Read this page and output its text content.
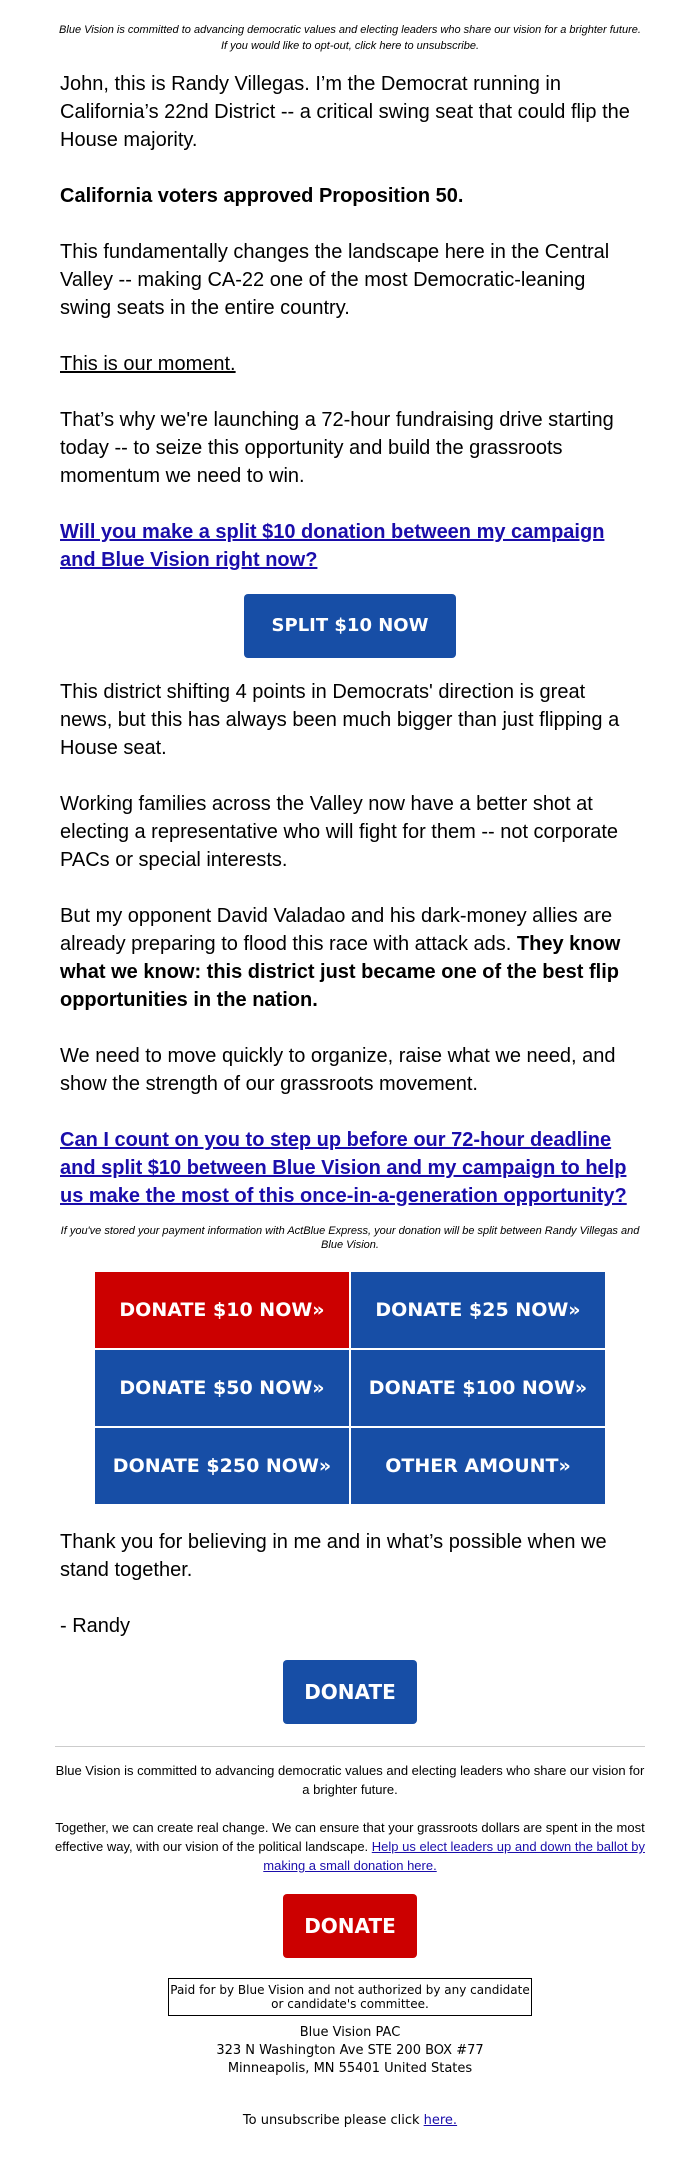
Blue Vision is committed to advancing democratic values and electing leaders who share our vision for a brighter future. If you would like to opt-out, click here to unsubscribe.

John, this is Randy Villegas. I’m the Democrat running in California’s 22nd District -- a critical swing seat that could flip the House majority.

California voters approved Proposition 50.

This fundamentally changes the landscape here in the Central Valley -- making CA-22 one of the most Democratic-leaning swing seats in the entire country.

This is our moment.

That’s why we're launching a 72-hour fundraising drive starting today -- to seize this opportunity and build the grassroots momentum we need to win.

Will you make a split $10 donation between my campaign and Blue Vision right now?

SPLIT $10 NOW

This district shifting 4 points in Democrats' direction is great news, but this has always been much bigger than just flipping a House seat.

Working families across the Valley now have a better shot at electing a representative who will fight for them -- not corporate PACs or special interests.

But my opponent David Valadao and his dark-money allies are already preparing to flood this race with attack ads. They know what we know: this district just became one of the best flip opportunities in the nation.

We need to move quickly to organize, raise what we need, and show the strength of our grassroots movement.

Can I count on you to step up before our 72-hour deadline and split $10 between Blue Vision and my campaign to help us make the most of this once-in-a-generation opportunity?

If you've stored your payment information with ActBlue Express, your donation will be split between Randy Villegas and Blue Vision.
DONATE $10 NOW»	DONATE $25 NOW»
DONATE $50 NOW»	DONATE $100 NOW»
DONATE $250 NOW»	OTHER AMOUNT»

Thank you for believing in me and in what’s possible when we stand together.

- Randy

DONATE

Blue Vision is committed to advancing democratic values and electing leaders who share our vision for a brighter future.

Together, we can create real change. We can ensure that your grassroots dollars are spent in the most effective way, with our vision of the political landscape. Help us elect leaders up and down the ballot by making a small donation here.

DONATE
Paid for by Blue Vision and not authorized by any candidate or candidate's committee.
Blue Vision PAC
323 N Washington Ave STE 200 BOX #77
Minneapolis, MN 55401 United States
To unsubscribe please click here.
